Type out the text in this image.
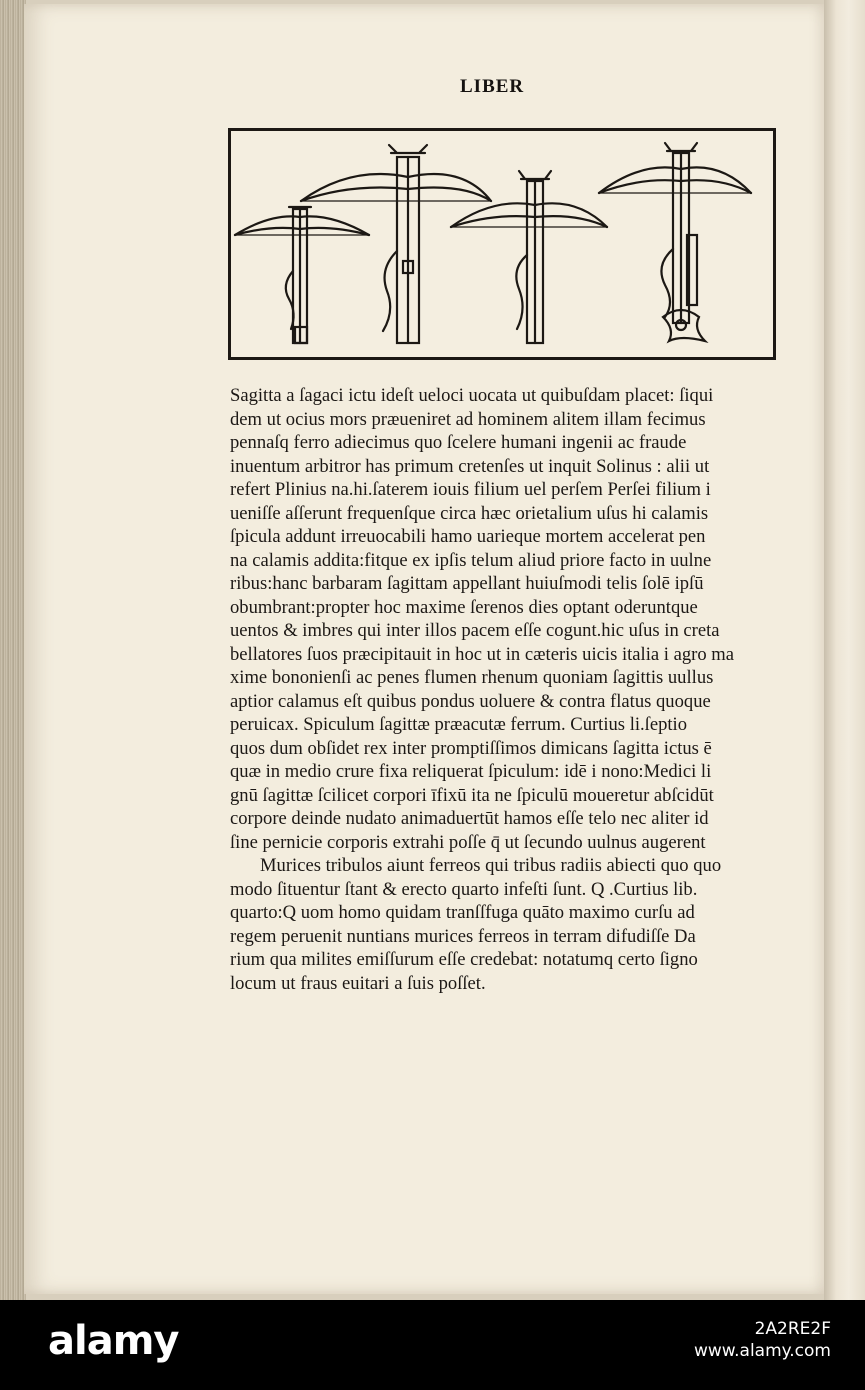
LIBER
Sagitta a ſagaci ictu ideſt ueloci uocata ut quibuſdam placet: ſiqui
dem ut ocius mors præueniret ad hominem alitem illam fecimus
pennaſq ferro adiecimus quo ſcelere humani ingenii ac fraude
inuentum arbitror has primum cretenſes ut inquit Solinus : alii ut
refert Plinius na.hi.ſaterem iouis filium uel perſem Perſei filium i
ueniſſe aſſerunt frequenſque circa hæc orietalium uſus hi calamis
ſpicula addunt irreuocabili hamo uarieque mortem accelerat pen
na calamis addita:fitque ex ipſis telum aliud priore facto in uulne
ribus:hanc barbaram ſagittam appellant huiuſmodi telis ſolē ipſū
obumbrant:propter hoc maxime ſerenos dies optant oderuntque
uentos & imbres qui inter illos pacem eſſe cogunt.hic uſus in creta
bellatores ſuos præcipitauit in hoc ut in cæteris uicis italia i agro ma
xime bononienſi ac penes flumen rhenum quoniam ſagittis uullus
aptior calamus eſt quibus pondus uoluere & contra flatus quoque
peruicax. Spiculum ſagittæ præacutæ ferrum. Curtius li.ſeptio
quos dum obſidet rex inter promptiſſimos dimicans ſagitta ictus ē
quæ in medio crure fixa reliquerat ſpiculum: idē i nono:Medici li
gnū ſagittæ ſcilicet corpori īfixū ita ne ſpiculū moueretur abſcidūt
corpore deinde nudato animaduertūt hamos eſſe telo nec aliter id
ſine pernicie corporis extrahi poſſe q̄ ut ſecundo uulnus augerent
Murices tribulos aiunt ferreos qui tribus radiis abiecti quo quo
modo ſituentur ſtant & erecto quarto infeſti ſunt. Q .Curtius lib.
quarto:Q uom homo quidam tranſſfuga quāto maximo curſu ad
regem peruenit nuntians murices ferreos in terram difudiſſe Da
rium qua milites emiſſurum eſſe credebat: notatumq certo ſigno
locum ut fraus euitari a ſuis poſſet.
alamy	2A2RE2F
www.alamy.com
